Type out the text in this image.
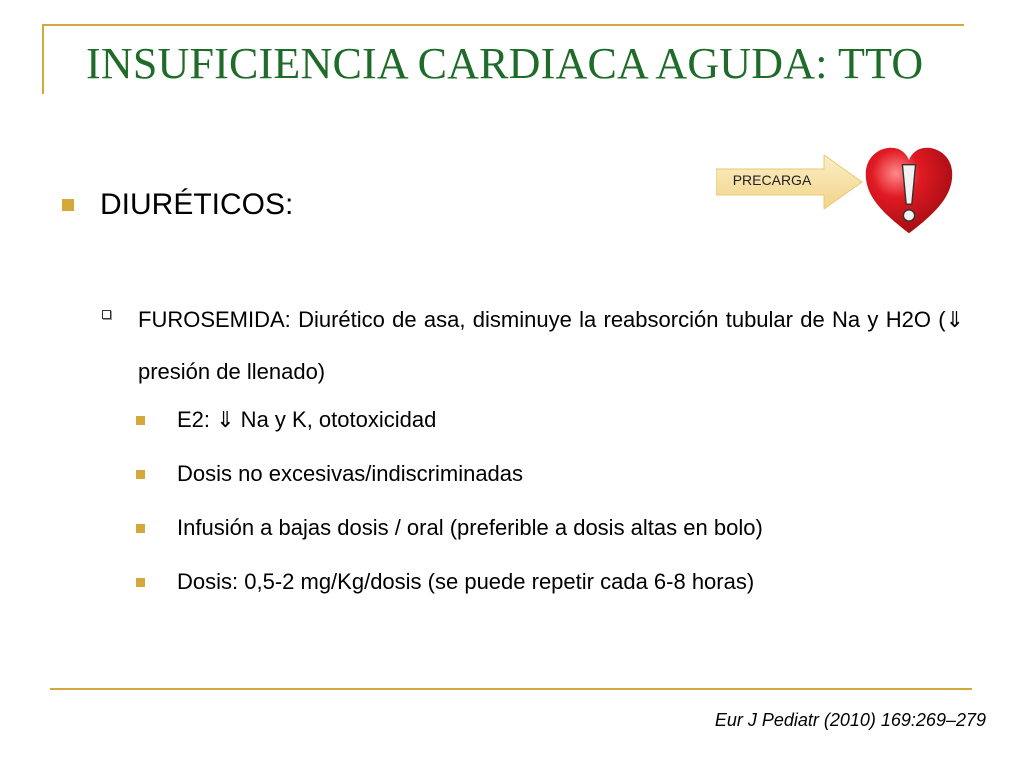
INSUFICIENCIA CARDIACA AGUDA: TTO
PRECARGA
DIURÉTICOS:
FUROSEMIDA: Diurético de asa, disminuye la reabsorción tubular de Na y H2O (⇓ presión de llenado)
E2: ⇓ Na y K, ototoxicidad
Dosis no excesivas/indiscriminadas
Infusión a bajas dosis / oral (preferible a dosis altas en bolo)
Dosis: 0,5-2 mg/Kg/dosis (se puede repetir cada 6-8 horas)
Eur J Pediatr (2010) 169:269–279
